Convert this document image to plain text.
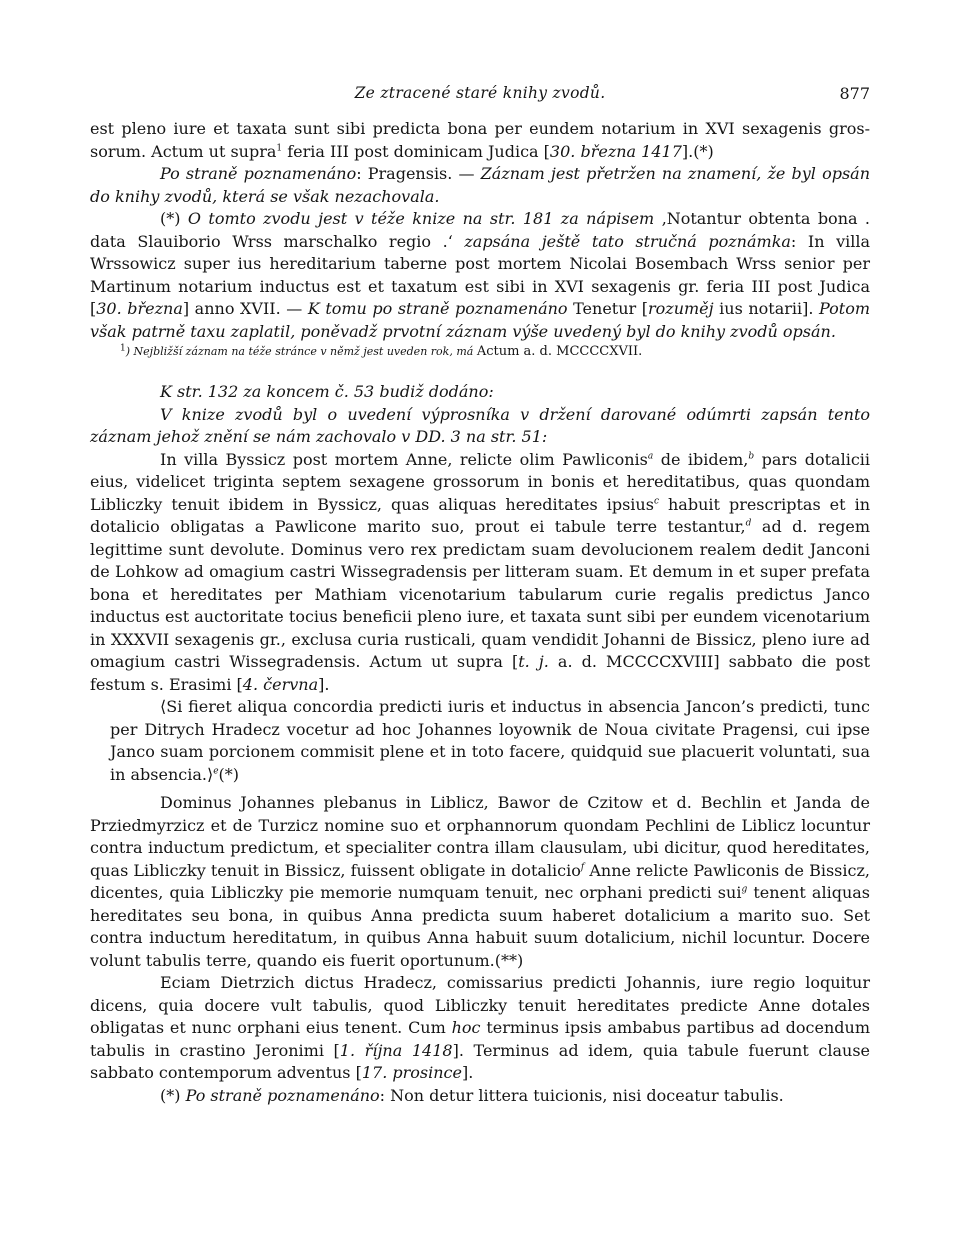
Ze ztracené staré knihy zvodů.	877

est pleno iure et taxata sunt sibi predicta bona per eundem notarium in XVI sexagenis gros- sorum. Actum ut supra$^1$ feria III post dominicam Judica [30. března 1417].(*)

Po straně poznamenáno: Pragensis. — Záznam jest přetržen na znamení, že byl opsán do knihy zvodů, která se však nezachovala.

(*) O tomto zvodu jest v téže knize na str. 181 za nápisem ‚Notantur obtenta bona . data Slauiborio Wrss marschalko regio .‘ zapsána ještě tato stručná poznámka: In villa Wrssowicz super ius hereditarium taberne post mortem Nicolai Bosembach Wrss senior per Martinum notarium inductus est et taxatum est sibi in XVI sexagenis gr. feria III post Judica [30. března] anno XVII. — K tomu po straně poznamenáno Tenetur [rozuměj ius notarii]. Potom však patrně taxu zaplatil, poněvadž prvotní záznam výše uvedený byl do knihy zvodů opsán.

$^1$) Nejbližší záznam na téže stránce v němž jest uveden rok, má Actum a. d. MCCCCXVII.

K str. 132 za koncem č. 53 budiž dodáno:

V knize zvodů byl o uvedení výprosníka v držení darované odúmrti zapsán tento záznam jehož znění se nám zachovalo v DD. 3 na str. 51:

In villa Byssicz post mortem Anne, relicte olim Pawliconis$^a$ de ibidem,$^b$ pars dotalicii eius, videlicet triginta septem sexagene grossorum in bonis et hereditatibus, quas quondam Libliczky tenuit ibidem in Byssicz, quas aliquas hereditates ipsius$^c$ habuit prescriptas et in dotalicio obligatas a Pawlicone marito suo, prout ei tabule terre testantur,$^d$ ad d. regem legittime sunt devolute. Dominus vero rex predictam suam devolucionem realem dedit Janconi de Lohkow ad omagium castri Wissegradensis per litteram suam. Et demum in et super prefata bona et hereditates per Mathiam vicenotarium tabularum curie regalis predictus Janco inductus est auctoritate tocius beneficii pleno iure, et taxata sunt sibi per eundem vicenotarium in XXXVII sexagenis gr., exclusa curia rusticali, quam vendidit Johanni de Bissicz, pleno iure ad omagium castri Wissegradensis. Actum ut supra [t. j. a. d. MCCCCXVIII] sabbato die post festum s. Erasimi [4. června].

⟨Si fieret aliqua concordia predicti iuris et inductus in absencia Jancon’s predicti, tunc per Ditrych Hradecz vocetur ad hoc Johannes loyownik de Noua civitate Pragensi, cui ipse Janco suam porcionem commisit plene et in toto facere, quidquid sue placuerit voluntati, sua in absencia.⟩$^e$(*)

Dominus Johannes plebanus in Liblicz, Bawor de Czitow et d. Bechlin et Janda de Prziedmyrzicz et de Turzicz nomine suo et orphannorum quondam Pechlini de Liblicz locuntur contra inductum predictum, et specialiter contra illam clausulam, ubi dicitur, quod hereditates, quas Libliczky tenuit in Bissicz, fuissent obligate in dotalicio$^f$ Anne relicte Pawliconis de Bissicz, dicentes, quia Libliczky pie memorie numquam tenuit, nec orphani predicti sui$^g$ tenent aliquas hereditates seu bona, in quibus Anna predicta suum haberet dotalicium a marito suo. Set contra inductum hereditatum, in quibus Anna habuit suum dotalicium, nichil locuntur. Docere volunt tabulis terre, quando eis fuerit oportunum.(**)

Eciam Dietrzich dictus Hradecz, comissarius predicti Johannis, iure regio loquitur dicens, quia docere vult tabulis, quod Libliczky tenuit hereditates predicte Anne dotales obligatas et nunc orphani eius tenent. Cum hoc terminus ipsis ambabus partibus ad docendum tabulis in crastino Jeronimi [1. října 1418]. Terminus ad idem, quia tabule fuerunt clause sabbato contemporum adventus [17. prosince].

(*) Po straně poznamenáno: Non detur littera tuicionis, nisi doceatur tabulis.
